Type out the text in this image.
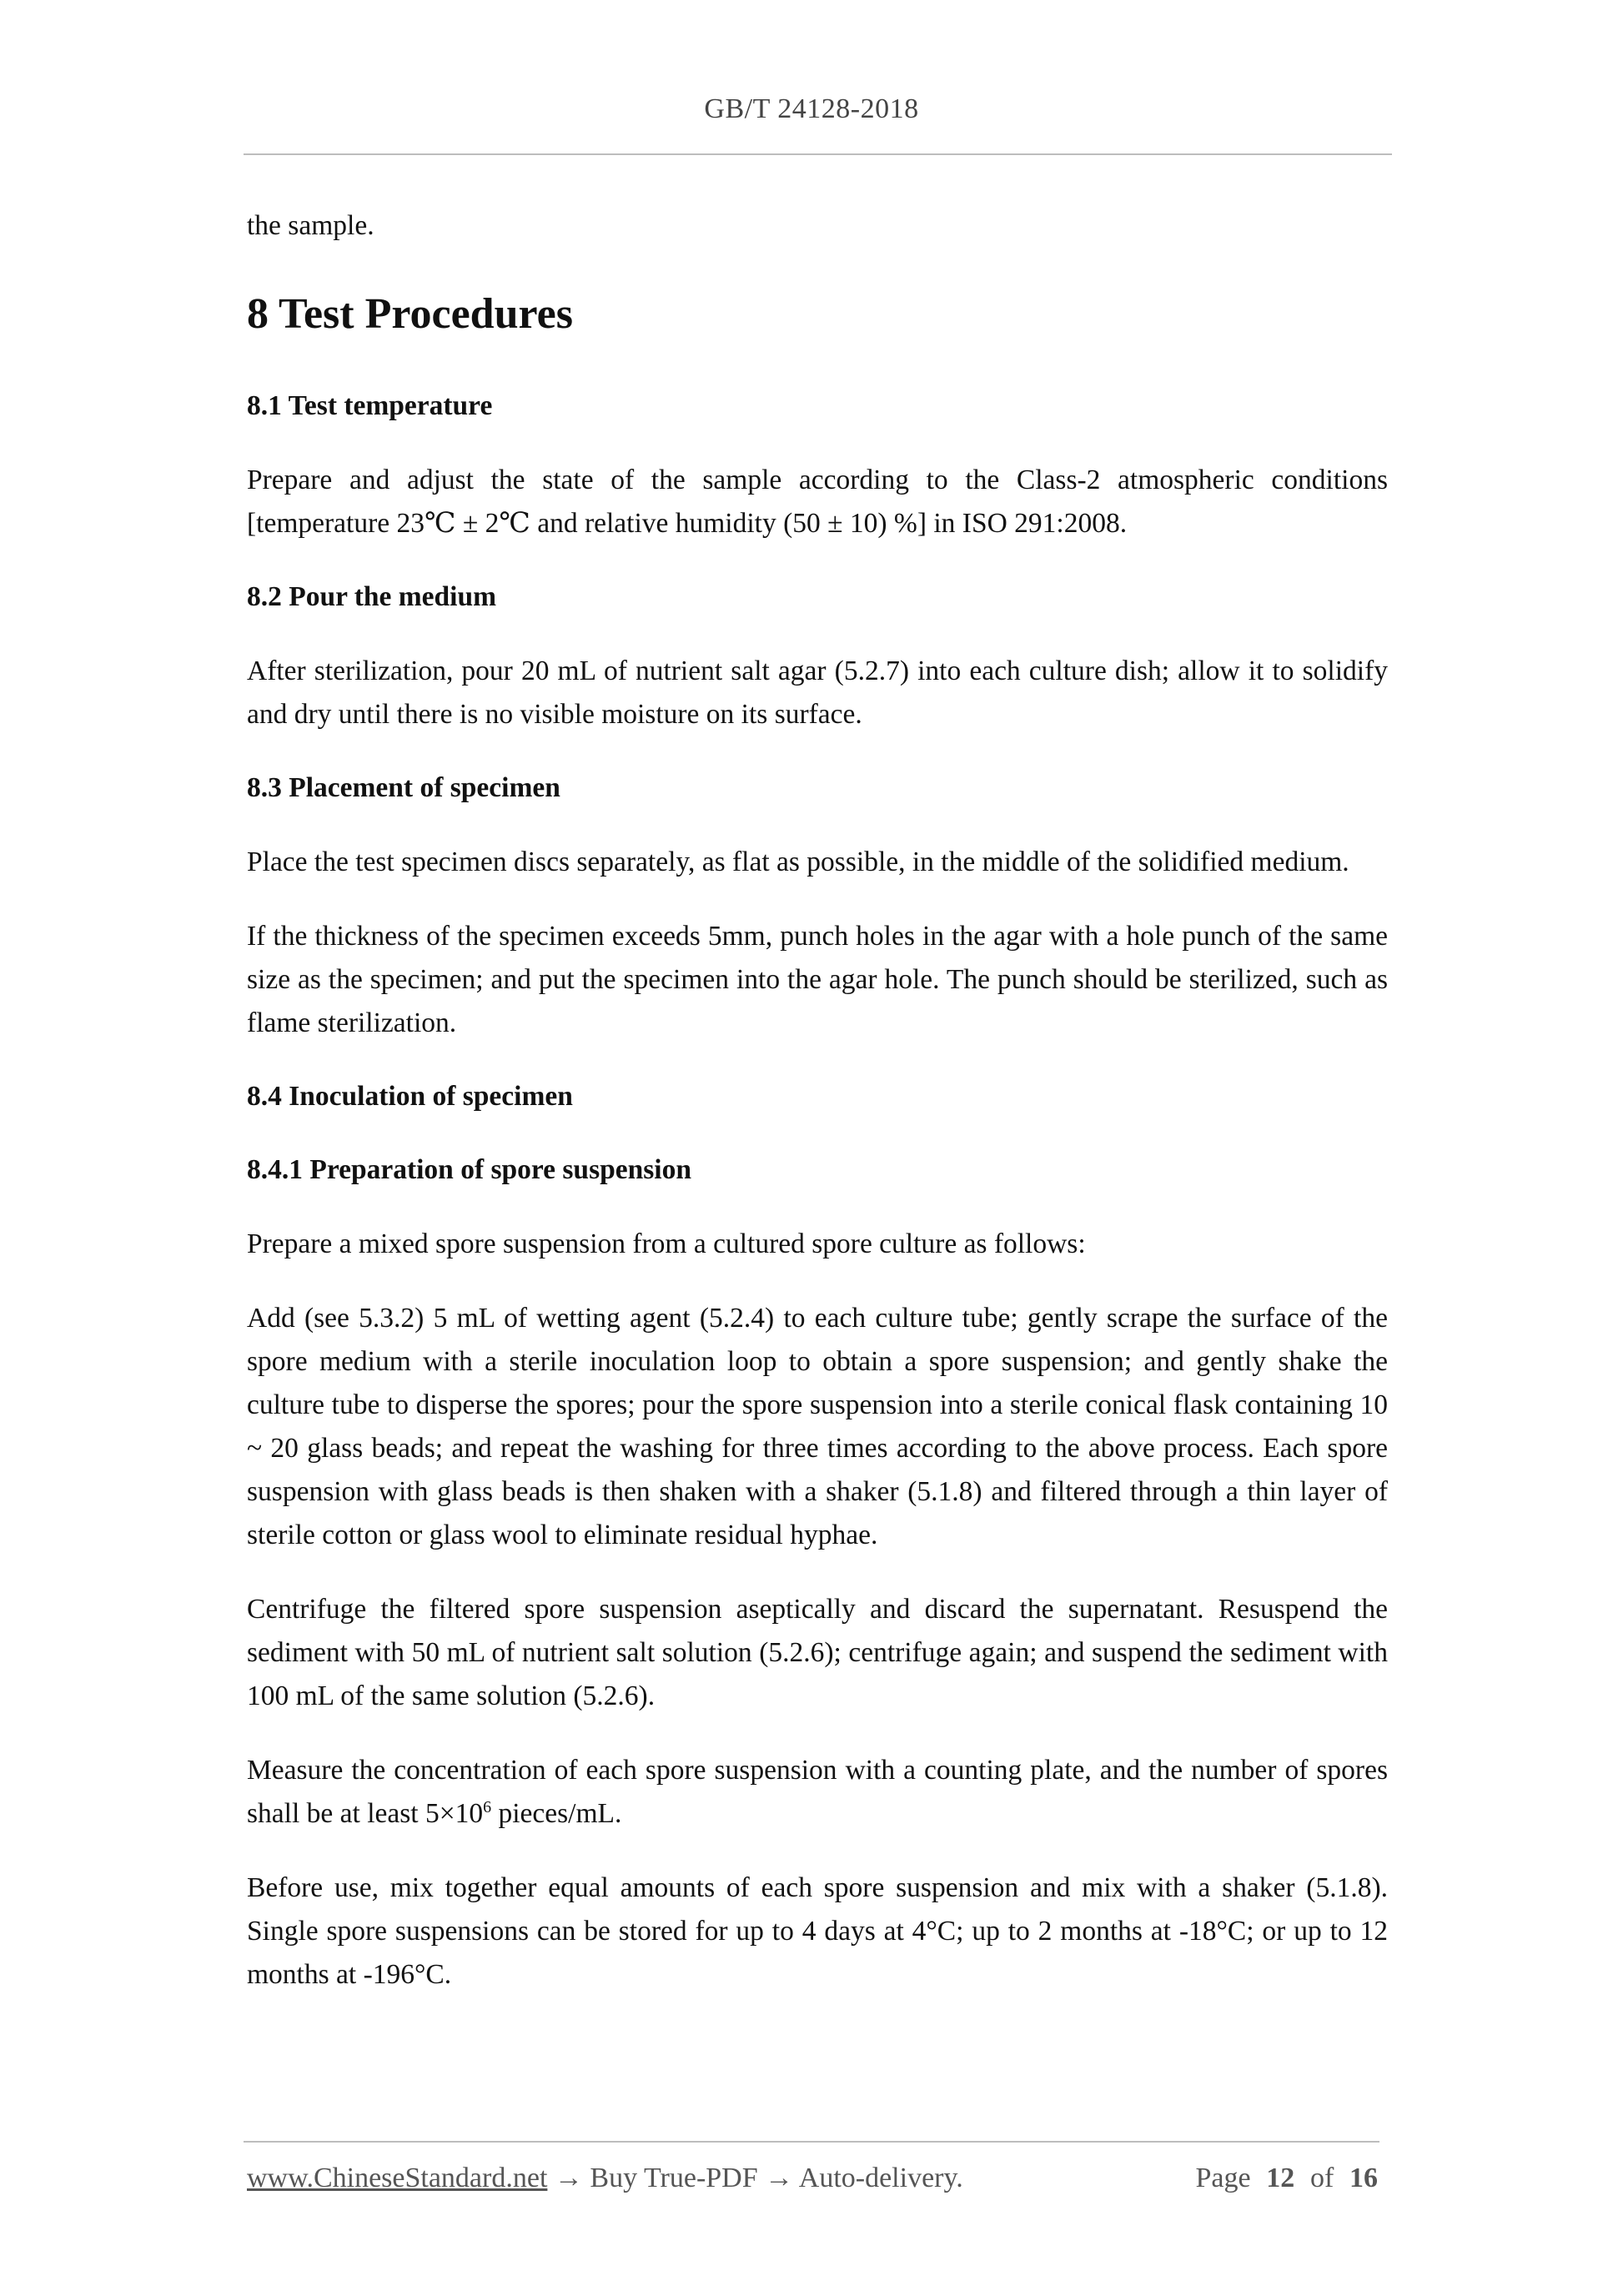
GB/T 24128-2018

the sample.

8 Test Procedures
8.1 Test temperature

Prepare and adjust the state of the sample according to the Class-2 atmospheric conditions [temperature 23℃ ± 2℃ and relative humidity (50 ± 10) %] in ISO 291:2008.

8.2 Pour the medium

After sterilization, pour 20 mL of nutrient salt agar (5.2.7) into each culture dish; allow it to solidify and dry until there is no visible moisture on its surface.

8.3 Placement of specimen

Place the test specimen discs separately, as flat as possible, in the middle of the solidified medium.

If the thickness of the specimen exceeds 5mm, punch holes in the agar with a hole punch of the same size as the specimen; and put the specimen into the agar hole. The punch should be sterilized, such as flame sterilization.

8.4 Inoculation of specimen
8.4.1 Preparation of spore suspension

Prepare a mixed spore suspension from a cultured spore culture as follows:

Add (see 5.3.2) 5 mL of wetting agent (5.2.4) to each culture tube; gently scrape the surface of the spore medium with a sterile inoculation loop to obtain a spore suspension; and gently shake the culture tube to disperse the spores; pour the spore suspension into a sterile conical flask containing 10 ~ 20 glass beads; and repeat the washing for three times according to the above process. Each spore suspension with glass beads is then shaken with a shaker (5.1.8) and filtered through a thin layer of sterile cotton or glass wool to eliminate residual hyphae.

Centrifuge the filtered spore suspension aseptically and discard the supernatant. Resuspend the sediment with 50 mL of nutrient salt solution (5.2.6); centrifuge again; and suspend the sediment with 100 mL of the same solution (5.2.6).

Measure the concentration of each spore suspension with a counting plate, and the number of spores shall be at least $5\times 10^6$ pieces/mL.

Before use, mix together equal amounts of each spore suspension and mix with a shaker (5.1.8). Single spore suspensions can be stored for up to 4 days at 4°C; up to 2 months at -18°C; or up to 12 months at -196°C.

www.ChineseStandard.net → Buy True-PDF → Auto-delivery.	Page 12 of 16
